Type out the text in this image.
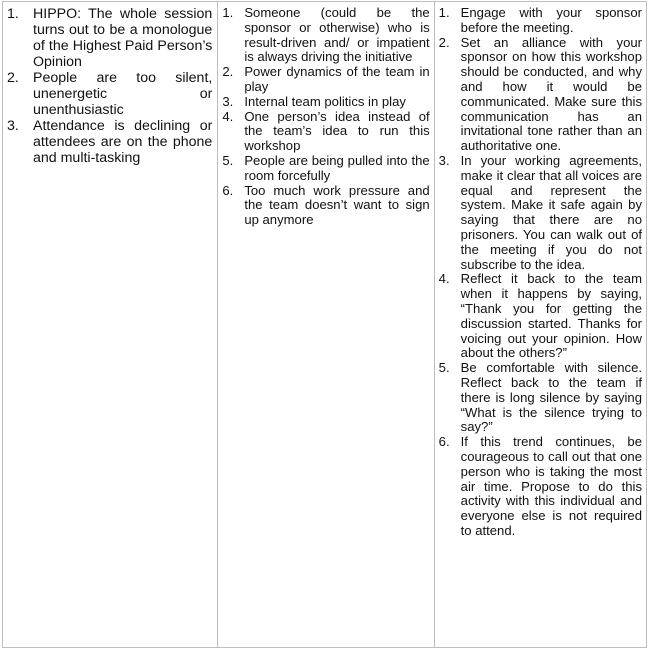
1. HIPPO: The whole session turns out to be a monologue of the Highest Paid Person’s Opinion
2. People are too silent, unenergetic or unenthusiastic
3. Attendance is declining or attendees are on the phone and multi-tasking
1. Someone (could be the sponsor or otherwise) who is result-driven and/ or impatient is always driving the initiative
2. Power dynamics of the team in play
3. Internal team politics in play
4. One person’s idea instead of the team’s idea to run this workshop
5. People are being pulled into the room forcefully
6. Too much work pressure and the team doesn’t want to sign up anymore
1. Engage with your sponsor before the meeting.
2. Set an alliance with your sponsor on how this workshop should be conducted, and why and how it would be communicated. Make sure this communication has an invitational tone rather than an authoritative one.
3. In your working agreements, make it clear that all voices are equal and represent the system. Make it safe again by saying that there are no prisoners. You can walk out of the meeting if you do not subscribe to the idea.
4. Reflect it back to the team when it happens by saying, “Thank you for getting the discussion started. Thanks for voicing out your opinion. How about the others?”
5. Be comfortable with silence. Reflect back to the team if there is long silence by saying “What is the silence trying to say?”
6. If this trend continues, be courageous to call out that one person who is taking the most air time. Propose to do this activity with this individual and everyone else is not required to attend.
